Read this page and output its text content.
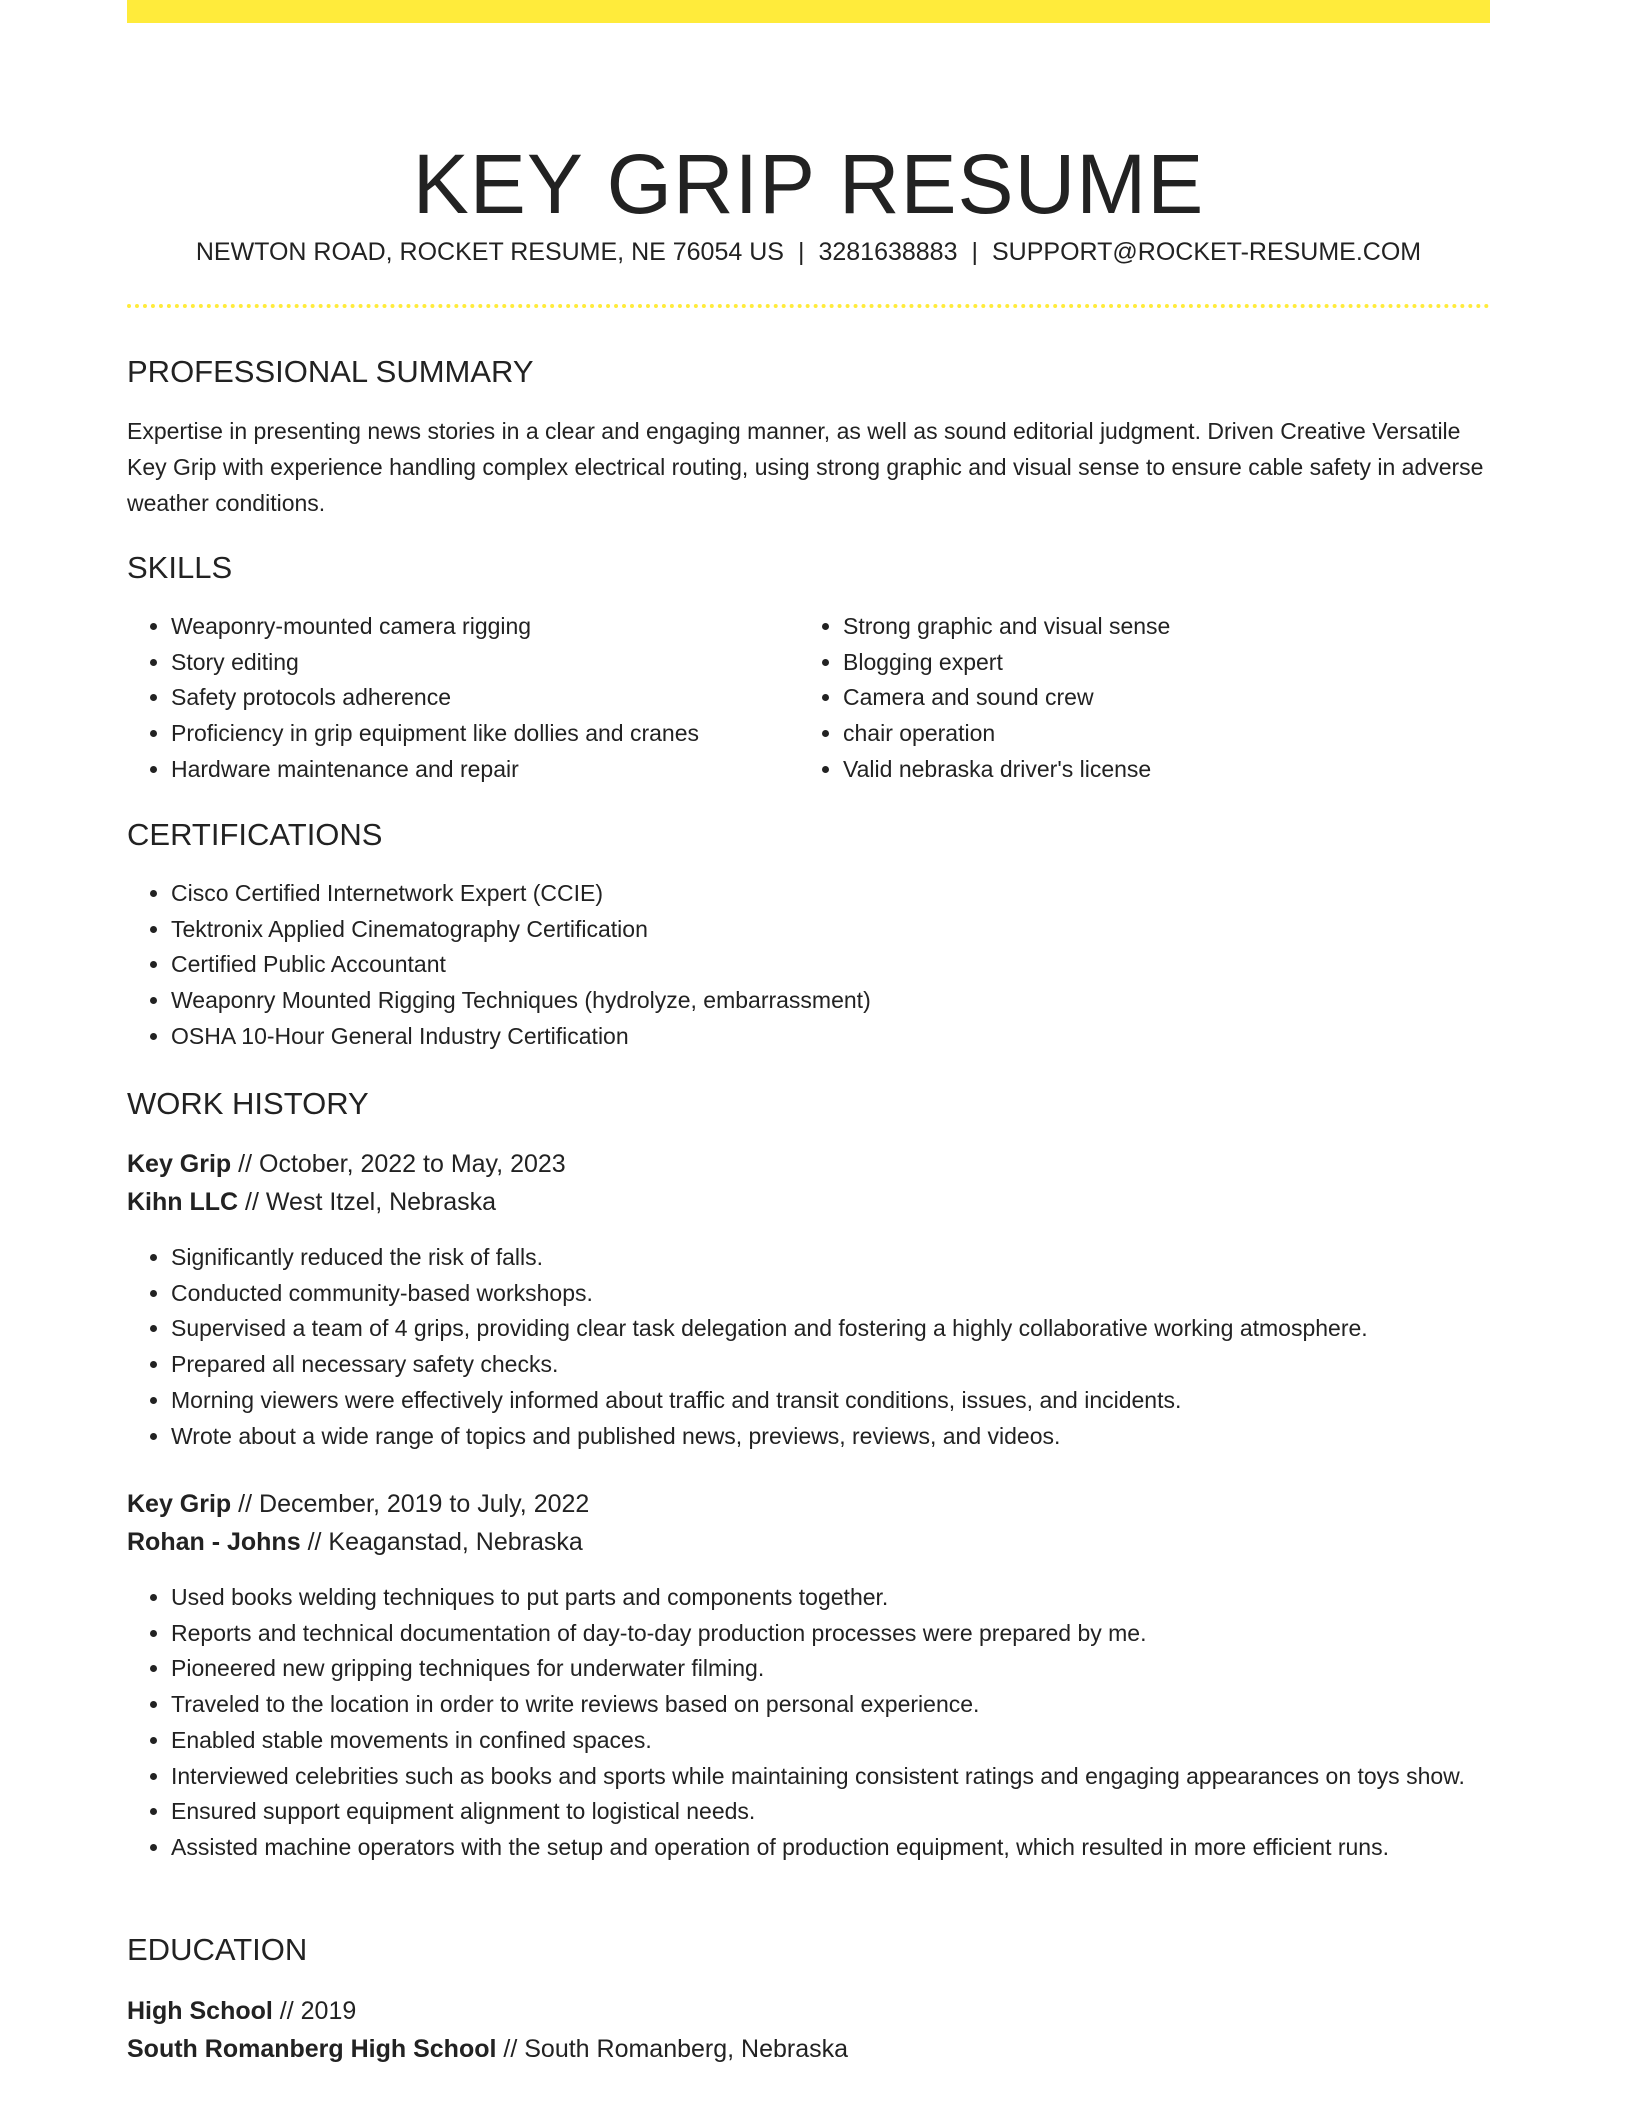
KEY GRIP RESUME
NEWTON ROAD, ROCKET RESUME, NE 76054 US | 3281638883 | SUPPORT@ROCKET-RESUME.COM
PROFESSIONAL SUMMARY

Expertise in presenting news stories in a clear and engaging manner, as well as sound editorial judgment. Driven Creative Versatile Key Grip with experience handling complex electrical routing, using strong graphic and visual sense to ensure cable safety in adverse weather conditions.

SKILLS
• Weaponry-mounted camera rigging
• Story editing
• Safety protocols adherence
• Proficiency in grip equipment like dollies and cranes
• Hardware maintenance and repair
• Strong graphic and visual sense
• Blogging expert
• Camera and sound crew
• chair operation
• Valid nebraska driver's license
CERTIFICATIONS
• Cisco Certified Internetwork Expert (CCIE)
• Tektronix Applied Cinematography Certification
• Certified Public Accountant
• Weaponry Mounted Rigging Techniques (hydrolyze, embarrassment)
• OSHA 10-Hour General Industry Certification
WORK HISTORY
Key Grip // October, 2022 to May, 2023
Kihn LLC // West Itzel, Nebraska
• Significantly reduced the risk of falls.
• Conducted community-based workshops.
• Supervised a team of 4 grips, providing clear task delegation and fostering a highly collaborative working atmosphere.
• Prepared all necessary safety checks.
• Morning viewers were effectively informed about traffic and transit conditions, issues, and incidents.
• Wrote about a wide range of topics and published news, previews, reviews, and videos.
Key Grip // December, 2019 to July, 2022
Rohan - Johns // Keaganstad, Nebraska
• Used books welding techniques to put parts and components together.
• Reports and technical documentation of day-to-day production processes were prepared by me.
• Pioneered new gripping techniques for underwater filming.
• Traveled to the location in order to write reviews based on personal experience.
• Enabled stable movements in confined spaces.
• Interviewed celebrities such as books and sports while maintaining consistent ratings and engaging appearances on toys show.
• Ensured support equipment alignment to logistical needs.
• Assisted machine operators with the setup and operation of production equipment, which resulted in more efficient runs.
EDUCATION
High School // 2019
South Romanberg High School // South Romanberg, Nebraska
